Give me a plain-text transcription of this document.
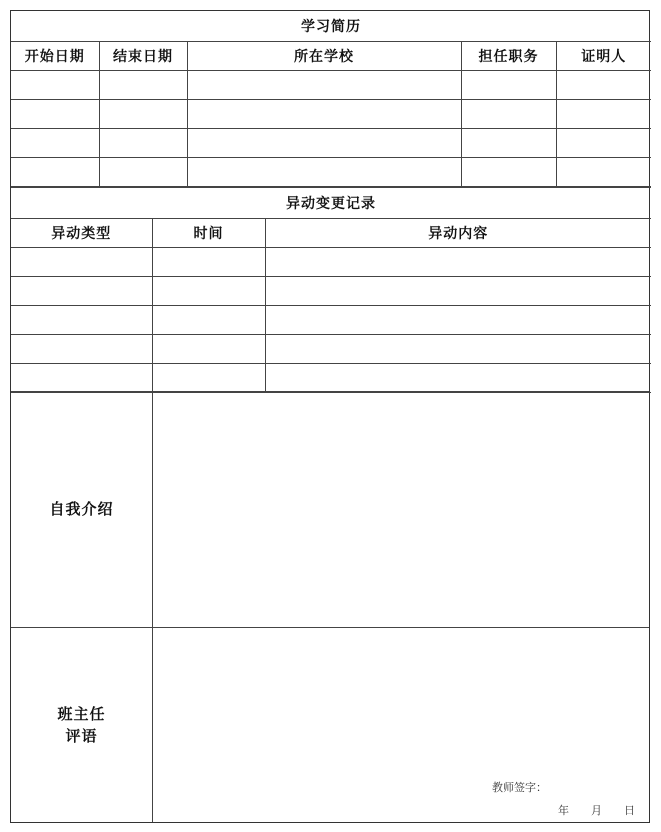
学习简历				
开始日期	结束日期	所在学校	担任职务	证明人

异动变更记录		
异动类型	时间	异动内容

自我介绍
班主任
评语
教师签字：
年 月 日
